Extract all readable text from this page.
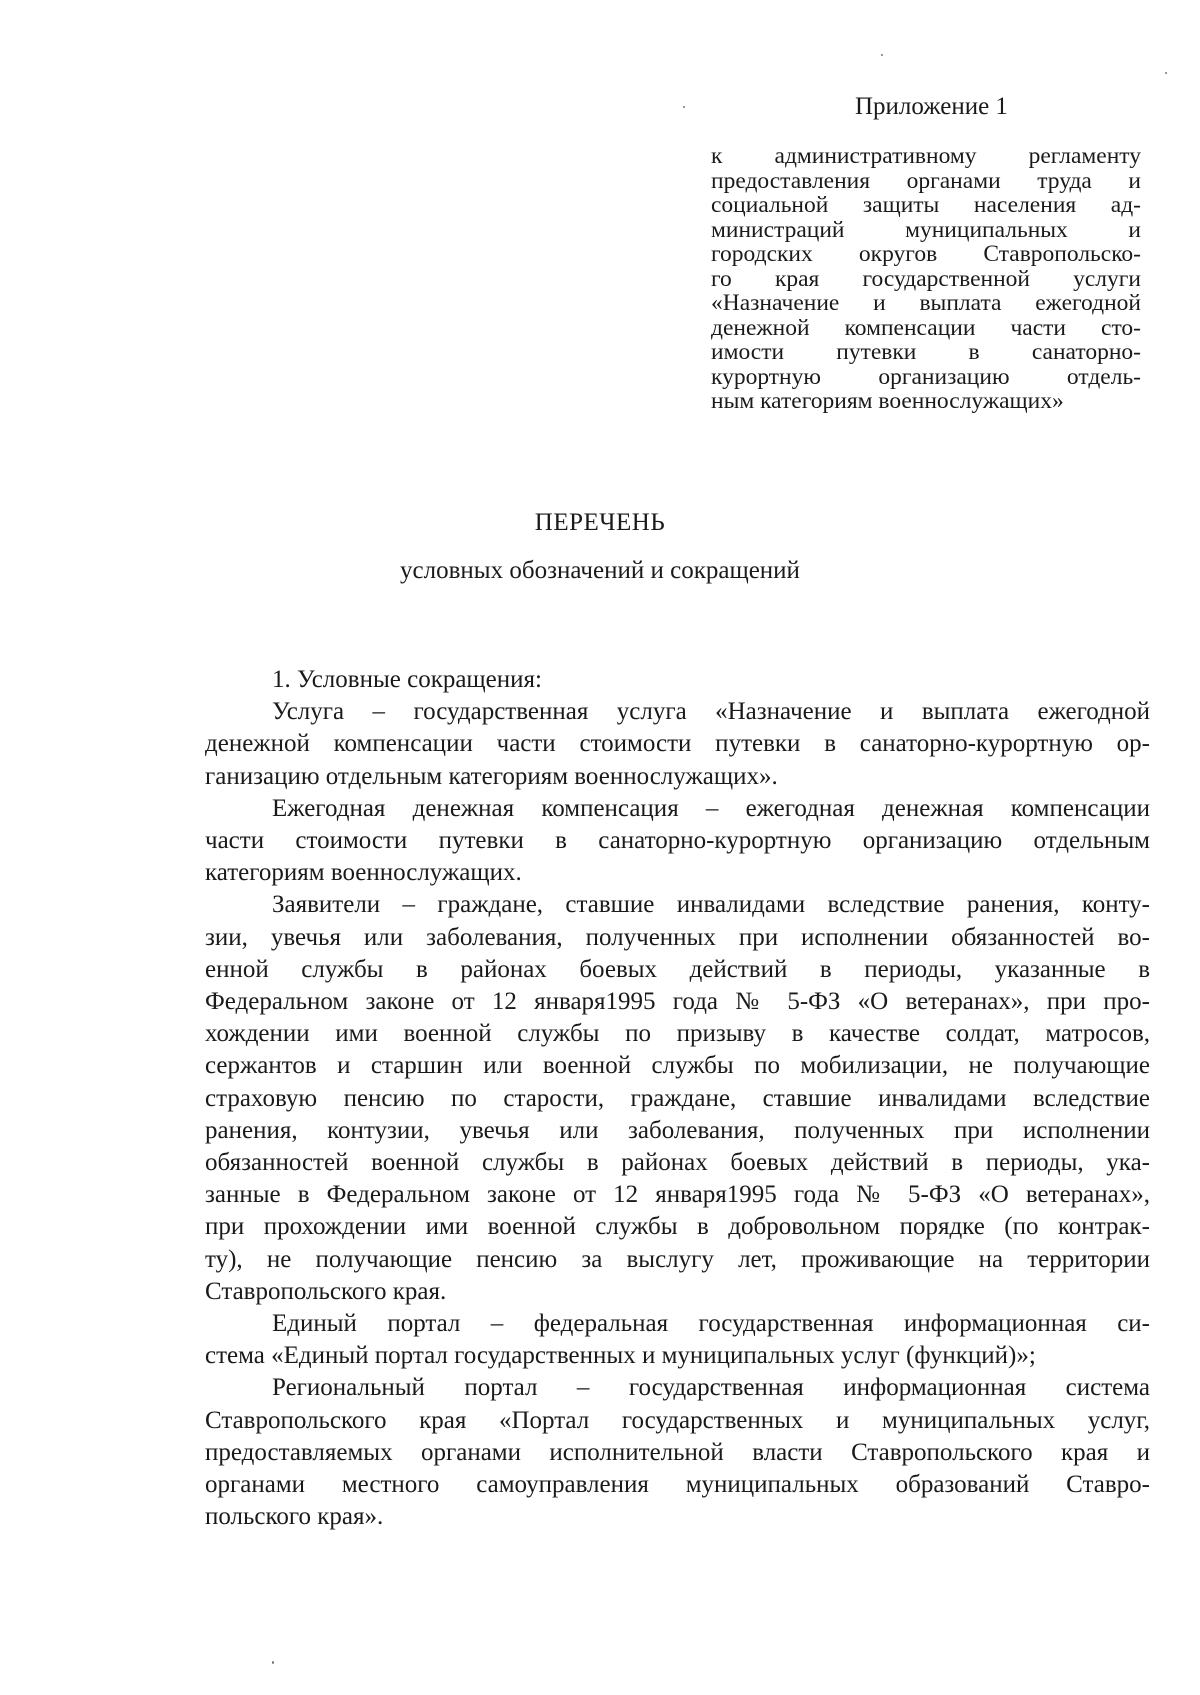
Приложение 1
к административному регламенту
предоставления органами труда и
социальной защиты населения ад-
министраций муниципальных и
городских округов Ставропольско-
го края государственной услуги
«Назначение и выплата ежегодной
денежной компенсации части сто-
имости путевки в санаторно-
курортную организацию отдель-
ным категориям военнослужащих»
ПЕРЕЧЕНЬ
условных обозначений и сокращений

1. Условные сокращения:

Услуга – государственная услуга «Назначение и выплата ежегодной
денежной компенсации части стоимости путевки в санаторно-курортную ор-
ганизацию отдельным категориям военнослужащих».

Ежегодная денежная компенсация – ежегодная денежная компенсации
части стоимости путевки в санаторно-курортную организацию отдельным
категориям военнослужащих.

Заявители – граждане, ставшие инвалидами вследствие ранения, конту-
зии, увечья или заболевания, полученных при исполнении обязанностей во-
енной службы в районах боевых действий в периоды, указанные в
Федеральном законе от 12 января1995 года № 5-ФЗ «О ветеранах», при про-
хождении ими военной службы по призыву в качестве солдат, матросов,
сержантов и старшин или военной службы по мобилизации, не получающие
страховую пенсию по старости, граждане, ставшие инвалидами вследствие
ранения, контузии, увечья или заболевания, полученных при исполнении
обязанностей военной службы в районах боевых действий в периоды, ука-
занные в Федеральном законе от 12 января1995 года № 5-ФЗ «О ветеранах»,
при прохождении ими военной службы в добровольном порядке (по контрак-
ту), не получающие пенсию за выслугу лет, проживающие на территории
Ставропольского края.

Единый портал – федеральная государственная информационная си-
стема «Единый портал государственных и муниципальных услуг (функций)»;

Региональный портал – государственная информационная система
Ставропольского края «Портал государственных и муниципальных услуг,
предоставляемых органами исполнительной власти Ставропольского края и
органами местного самоуправления муниципальных образований Ставро-
польского края».
